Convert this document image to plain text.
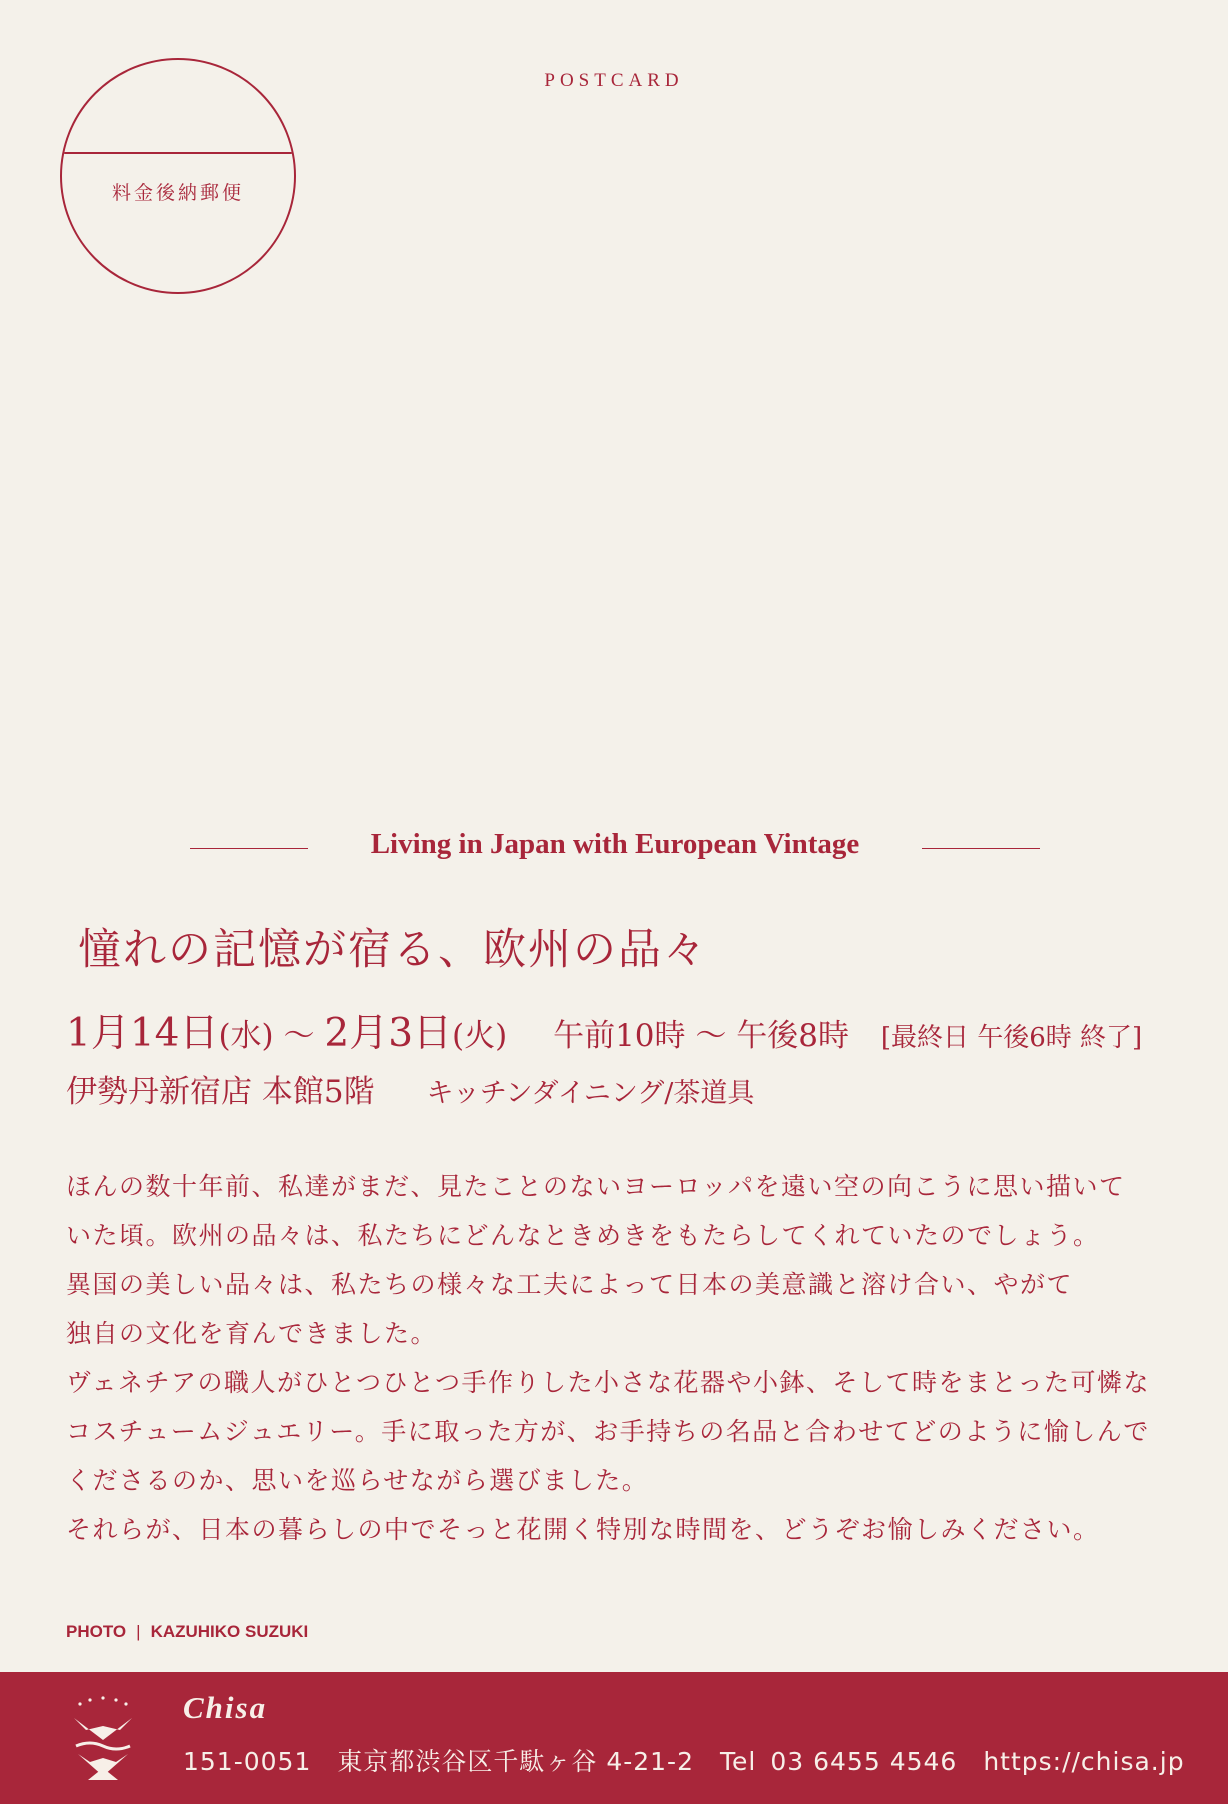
POSTCARD
料金後納郵便
Living in Japan with European Vintage
憧れの記憶が宿る、欧州の品々
1月14日(水) 〜 2月3日(火) 午前10時 〜 午後8時 [最終日 午後6時 終了]
伊勢丹新宿店 本館5階 キッチンダイニング/茶道具

ほんの数十年前、私達がまだ、見たことのないヨーロッパを遠い空の向こうに思い描いて

いた頃。欧州の品々は、私たちにどんなときめきをもたらしてくれていたのでしょう。

異国の美しい品々は、私たちの様々な工夫によって日本の美意識と溶け合い、やがて

独自の文化を育んできました。

ヴェネチアの職人がひとつひとつ手作りした小さな花器や小鉢、そして時をまとった可憐な

コスチュームジュエリー。手に取った方が、お手持ちの名品と合わせてどのように愉しんで

くださるのか、思いを巡らせながら選びました。

それらが、日本の暮らしの中でそっと花開く特別な時間を、どうぞお愉しみください。

PHOTO | KAZUHIKO SUZUKI
Chisa
151-0051 東京都渋谷区千駄ヶ谷 4-21-2 Tel 03 6455 4546 https://chisa.jp
